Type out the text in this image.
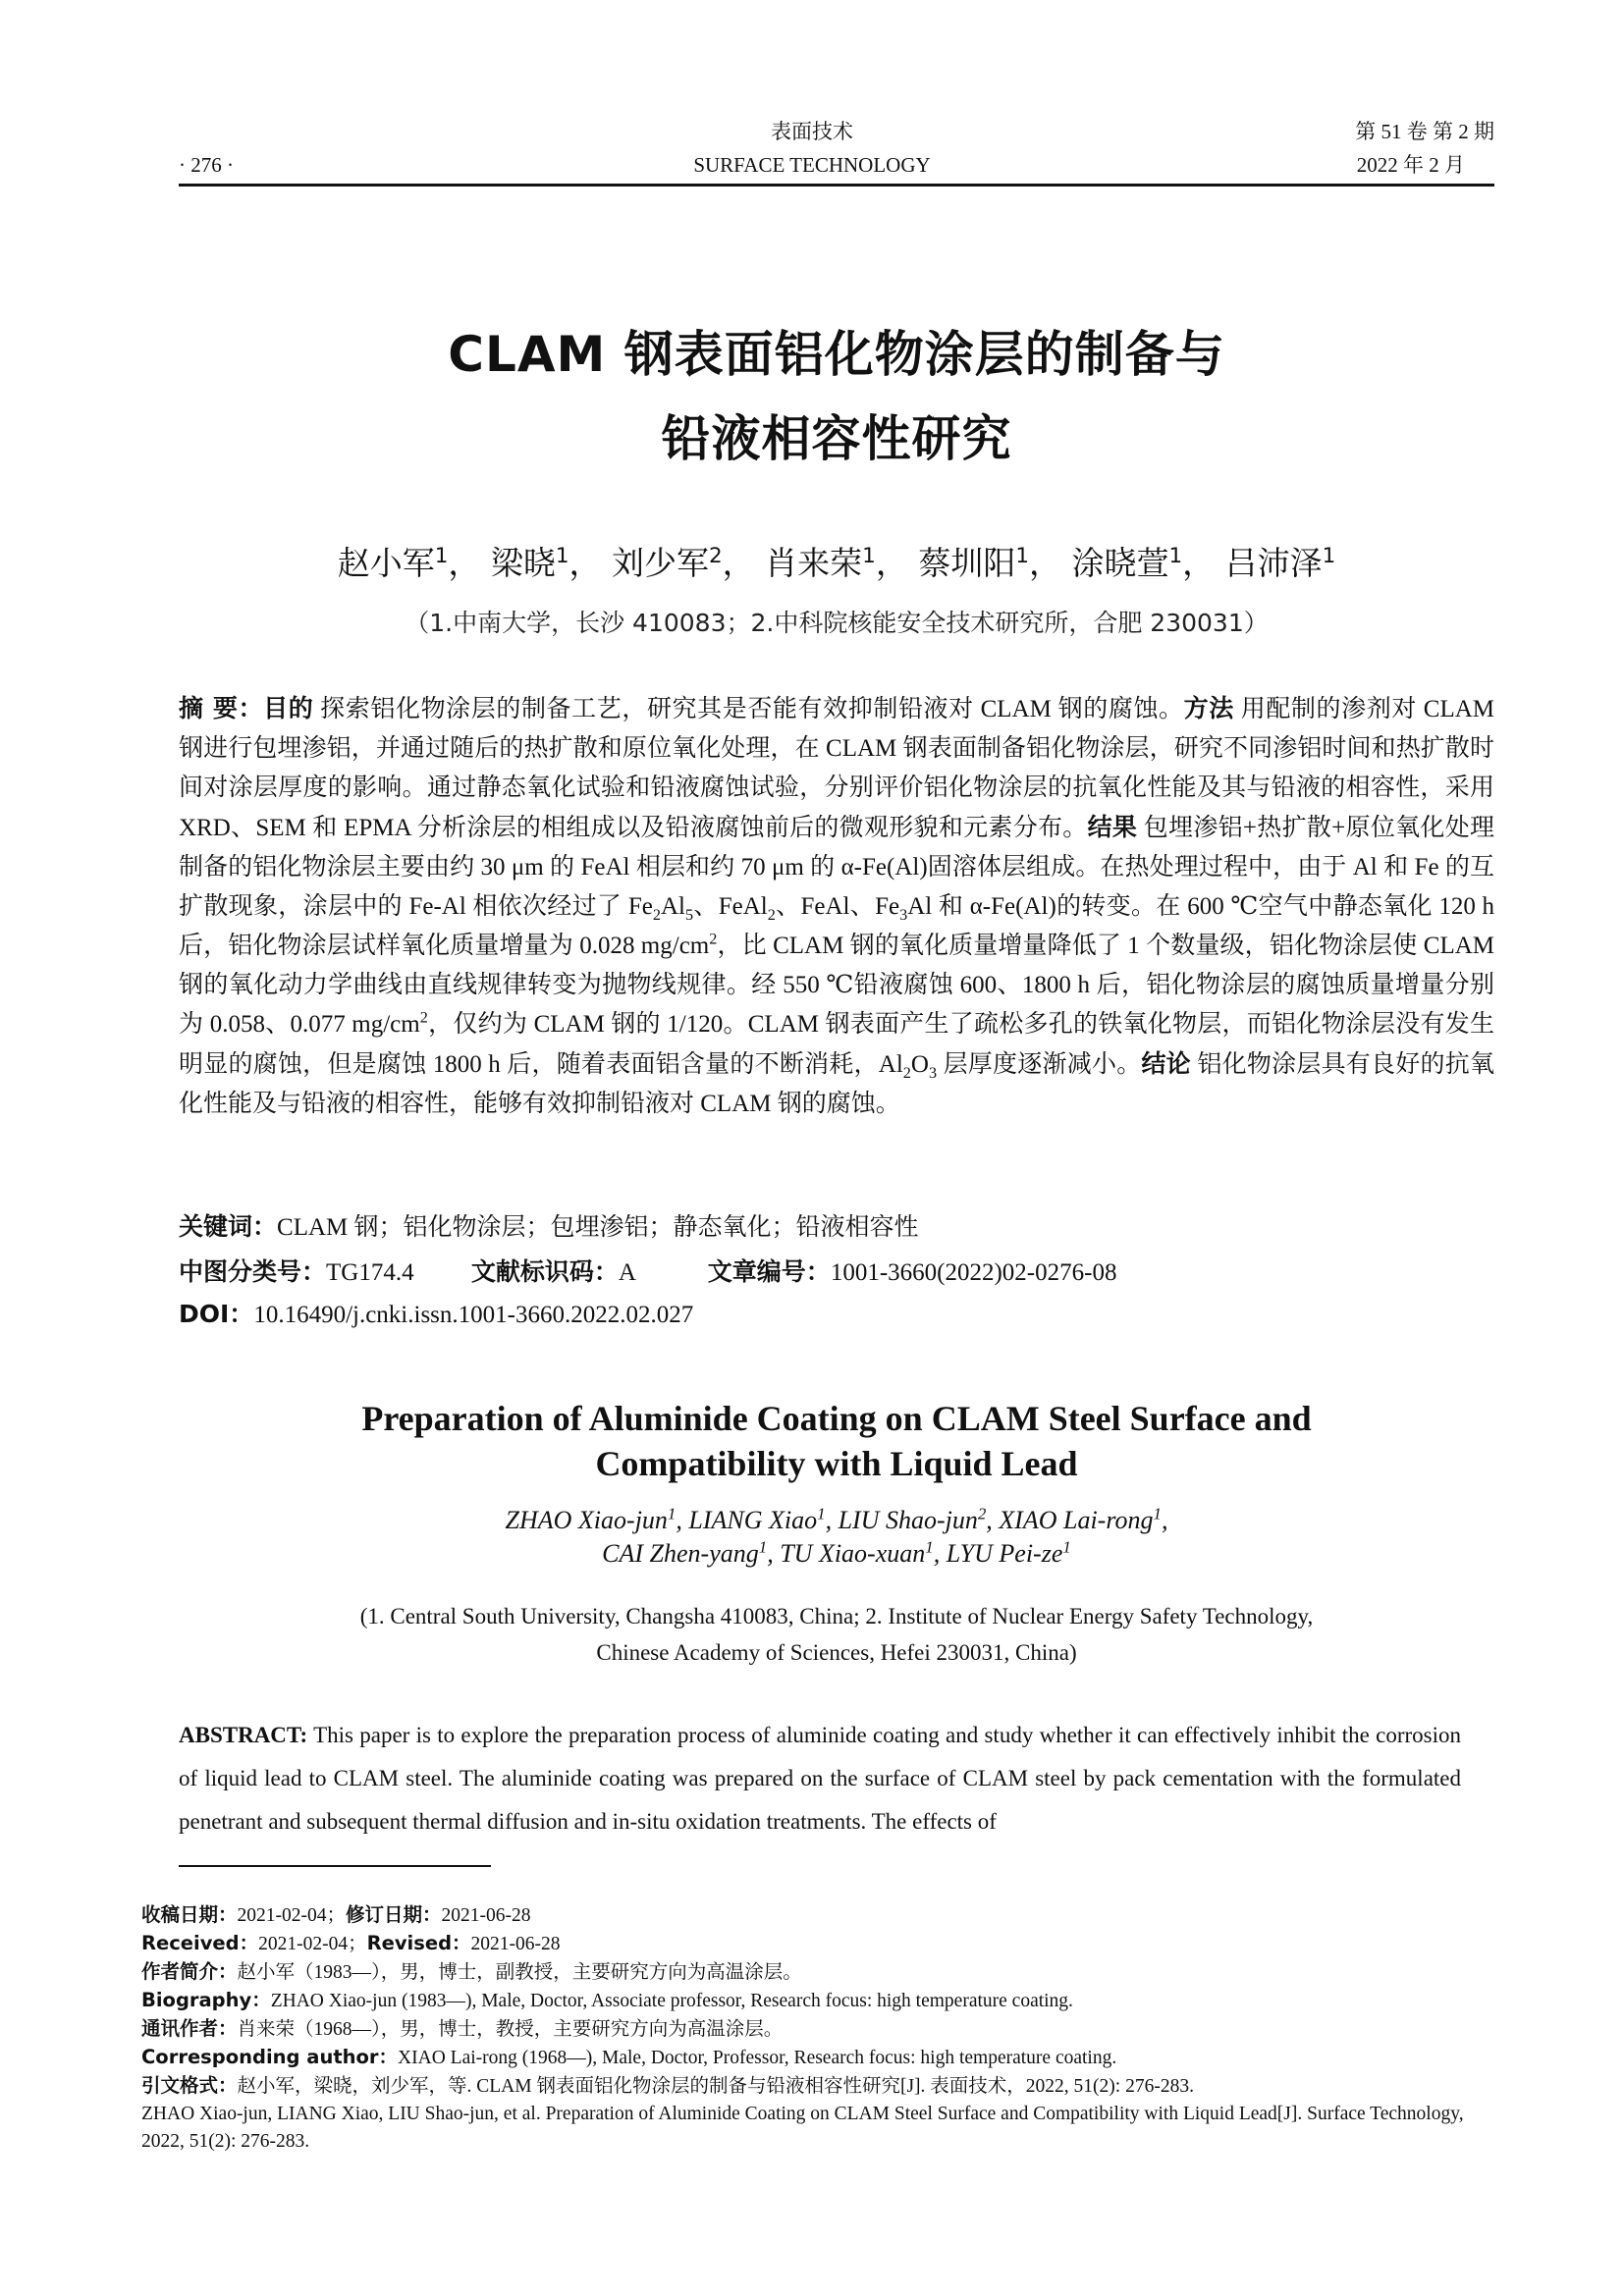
表面技术
SURFACE TECHNOLOGY
· 276 ·
第 51 卷 第 2 期
2022 年 2 月
CLAM 钢表面铝化物涂层的制备与
铅液相容性研究
赵小军$^1$， 梁晓$^1$， 刘少军$^2$， 肖来荣$^1$， 蔡圳阳$^1$， 涂晓萱$^1$， 吕沛泽$^1$
（1.中南大学，长沙 410083；2.中科院核能安全技术研究所，合肥 230031）
摘 要：目的 探索铝化物涂层的制备工艺，研究其是否能有效抑制铅液对 CLAM 钢的腐蚀。方法 用配制的渗剂对 CLAM 钢进行包埋渗铝，并通过随后的热扩散和原位氧化处理，在 CLAM 钢表面制备铝化物涂层，研究不同渗铝时间和热扩散时间对涂层厚度的影响。通过静态氧化试验和铅液腐蚀试验，分别评价铝化物涂层的抗氧化性能及其与铅液的相容性，采用 XRD、SEM 和 EPMA 分析涂层的相组成以及铅液腐蚀前后的微观形貌和元素分布。结果 包埋渗铝+热扩散+原位氧化处理制备的铝化物涂层主要由约 30 μm 的 FeAl 相层和约 70 μm 的 α-Fe(Al)固溶体层组成。在热处理过程中，由于 Al 和 Fe 的互扩散现象，涂层中的 Fe-Al 相依次经过了 $Fe_2Al_5$、FeAl$_2$、FeAl、$Fe_3Al$ 和 α-Fe(Al)的转变。在 600 ℃空气中静态氧化 120 h 后，铝化物涂层试样氧化质量增量为 0.028 $mg/cm^2$，比 CLAM 钢的氧化质量增量降低了 1 个数量级，铝化物涂层使 CLAM 钢的氧化动力学曲线由直线规律转变为抛物线规律。经 550 ℃铅液腐蚀 600、1800 h 后，铝化物涂层的腐蚀质量增量分别为 0.058、0.077 $mg/cm^2$，仅约为 CLAM 钢的 1/120。CLAM 钢表面产生了疏松多孔的铁氧化物层，而铝化物涂层没有发生明显的腐蚀，但是腐蚀 1800 h 后，随着表面铝含量的不断消耗，$Al_2O_3$ 层厚度逐渐减小。结论 铝化物涂层具有良好的抗氧化性能及与铅液的相容性，能够有效抑制铅液对 CLAM 钢的腐蚀。
关键词：CLAM 钢；铝化物涂层；包埋渗铝；静态氧化；铅液相容性
中图分类号：TG174.4 文献标识码：A	文章编号：1001-3660(2022)02-0276-08
DOI：10.16490/j.cnki.issn.1001-3660.2022.02.027
Preparation of Aluminide Coating on CLAM Steel Surface and
Compatibility with Liquid Lead
ZHAO Xiao-jun$^1$, LIANG Xiao$^1$, LIU Shao-jun$^2$, XIAO Lai-rong$^1$,
CAI Zhen-yang$^1$, TU Xiao-xuan$^1$, LYU Pei-$ze^1$
(1. Central South University, Changsha 410083, China; 2. Institute of Nuclear Energy Safety Technology,
Chinese Academy of Sciences, Hefei 230031, China)
ABSTRACT: This paper is to explore the preparation process of aluminide coating and study whether it can effectively inhibit the corrosion of liquid lead to CLAM steel. The aluminide coating was prepared on the surface of CLAM steel by pack cementation with the formulated penetrant and subsequent thermal diffusion and in-situ oxidation treatments. The effects of
收稿日期：2021-02-04；修订日期：2021-06-28
Received：2021-02-04；Revised：2021-06-28
作者简介：赵小军（1983—），男，博士，副教授，主要研究方向为高温涂层。
Biography：ZHAO Xiao-jun (1983—), Male, Doctor, Associate professor, Research focus: high temperature coating.
通讯作者：肖来荣（1968—），男，博士，教授，主要研究方向为高温涂层。
Corresponding author：XIAO Lai-rong (1968—), Male, Doctor, Professor, Research focus: high temperature coating.
引文格式：赵小军，梁晓，刘少军，等. CLAM 钢表面铝化物涂层的制备与铅液相容性研究[J]. 表面技术，2022, 51(2): 276-283.
ZHAO Xiao-jun, LIANG Xiao, LIU Shao-jun, et al. Preparation of Aluminide Coating on CLAM Steel Surface and Compatibility with Liquid Lead[J]. Surface Technology, 2022, 51(2): 276-283.
